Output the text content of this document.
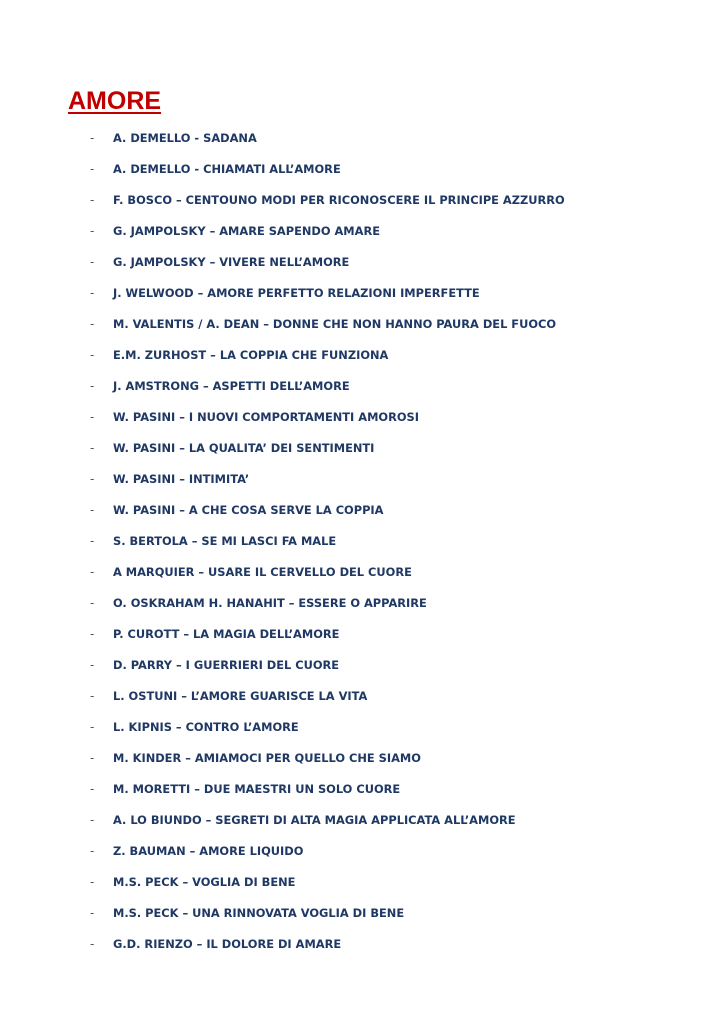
AMORE
- A. DEMELLO - SADANA
- A. DEMELLO - CHIAMATI ALL’AMORE
- F. BOSCO – CENTOUNO MODI PER RICONOSCERE IL PRINCIPE AZZURRO
- G. JAMPOLSKY – AMARE SAPENDO AMARE
- G. JAMPOLSKY – VIVERE NELL’AMORE
- J. WELWOOD – AMORE PERFETTO RELAZIONI IMPERFETTE
- M. VALENTIS / A. DEAN – DONNE CHE NON HANNO PAURA DEL FUOCO
- E.M. ZURHOST – LA COPPIA CHE FUNZIONA
- J. AMSTRONG – ASPETTI DELL’AMORE
- W. PASINI – I NUOVI COMPORTAMENTI AMOROSI
- W. PASINI – LA QUALITA’ DEI SENTIMENTI
- W. PASINI – INTIMITA’
- W. PASINI – A CHE COSA SERVE LA COPPIA
- S. BERTOLA – SE MI LASCI FA MALE
- A MARQUIER – USARE IL CERVELLO DEL CUORE
- O. OSKRAHAM H. HANAHIT – ESSERE O APPARIRE
- P. CUROTT – LA MAGIA DELL’AMORE
- D. PARRY – I GUERRIERI DEL CUORE
- L. OSTUNI – L’AMORE GUARISCE LA VITA
- L. KIPNIS – CONTRO L’AMORE
- M. KINDER – AMIAMOCI PER QUELLO CHE SIAMO
- M. MORETTI – DUE MAESTRI UN SOLO CUORE
- A. LO BIUNDO – SEGRETI DI ALTA MAGIA APPLICATA ALL’AMORE
- Z. BAUMAN – AMORE LIQUIDO
- M.S. PECK – VOGLIA DI BENE
- M.S. PECK – UNA RINNOVATA VOGLIA DI BENE
- G.D. RIENZO – IL DOLORE DI AMARE
